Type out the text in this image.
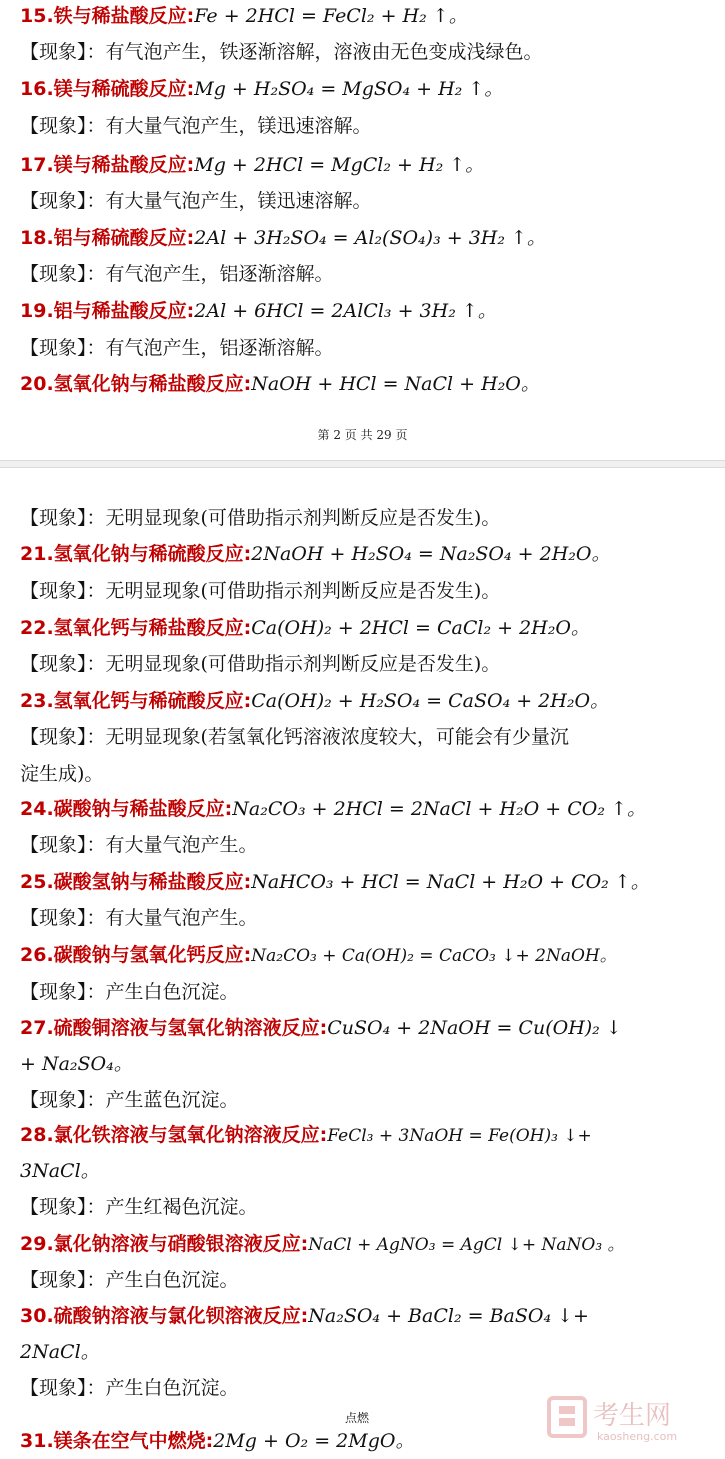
15.铁与稀盐酸反应:Fe + 2HCl = FeCl₂ + H₂ ↑。
【现象】：有气泡产生，铁逐渐溶解，溶液由无色变成浅绿色。
16.镁与稀硫酸反应:Mg + H₂SO₄ = MgSO₄ + H₂ ↑。
【现象】：有大量气泡产生，镁迅速溶解。
17.镁与稀盐酸反应:Mg + 2HCl = MgCl₂ + H₂ ↑。
【现象】：有大量气泡产生，镁迅速溶解。
18.铝与稀硫酸反应:2Al + 3H₂SO₄ = Al₂(SO₄)₃ + 3H₂ ↑。
【现象】：有气泡产生，铝逐渐溶解。
19.铝与稀盐酸反应:2Al + 6HCl = 2AlCl₃ + 3H₂ ↑。
【现象】：有气泡产生，铝逐渐溶解。
20.氢氧化钠与稀盐酸反应:NaOH + HCl = NaCl + H₂O。
第 2 页 共 29 页
【现象】：无明显现象(可借助指示剂判断反应是否发生)。
21.氢氧化钠与稀硫酸反应:2NaOH + H₂SO₄ = Na₂SO₄ + 2H₂O。
【现象】：无明显现象(可借助指示剂判断反应是否发生)。
22.氢氧化钙与稀盐酸反应:Ca(OH)₂ + 2HCl = CaCl₂ + 2H₂O。
【现象】：无明显现象(可借助指示剂判断反应是否发生)。
23.氢氧化钙与稀硫酸反应:Ca(OH)₂ + H₂SO₄ = CaSO₄ + 2H₂O。
【现象】：无明显现象(若氢氧化钙溶液浓度较大，可能会有少量沉
淀生成)。
24.碳酸钠与稀盐酸反应:Na₂CO₃ + 2HCl = 2NaCl + H₂O + CO₂ ↑。
【现象】：有大量气泡产生。
25.碳酸氢钠与稀盐酸反应:NaHCO₃ + HCl = NaCl + H₂O + CO₂ ↑。
【现象】：有大量气泡产生。
26.碳酸钠与氢氧化钙反应:Na₂CO₃ + Ca(OH)₂ = CaCO₃ ↓+ 2NaOH。
【现象】：产生白色沉淀。
27.硫酸铜溶液与氢氧化钠溶液反应:CuSO₄ + 2NaOH = Cu(OH)₂ ↓
+ Na₂SO₄。
【现象】：产生蓝色沉淀。
28.氯化铁溶液与氢氧化钠溶液反应:FeCl₃ + 3NaOH = Fe(OH)₃ ↓+
3NaCl。
【现象】：产生红褐色沉淀。
29.氯化钠溶液与硝酸银溶液反应:NaCl + AgNO₃ = AgCl ↓+ NaNO₃ 。
【现象】：产生白色沉淀。
30.硫酸钠溶液与氯化钡溶液反应:Na₂SO₄ + BaCl₂ = BaSO₄ ↓+
2NaCl。
【现象】：产生白色沉淀。
点燃
31.镁条在空气中燃烧:2Mg + O₂ = 2MgO。
考生网
kaosheng.com
